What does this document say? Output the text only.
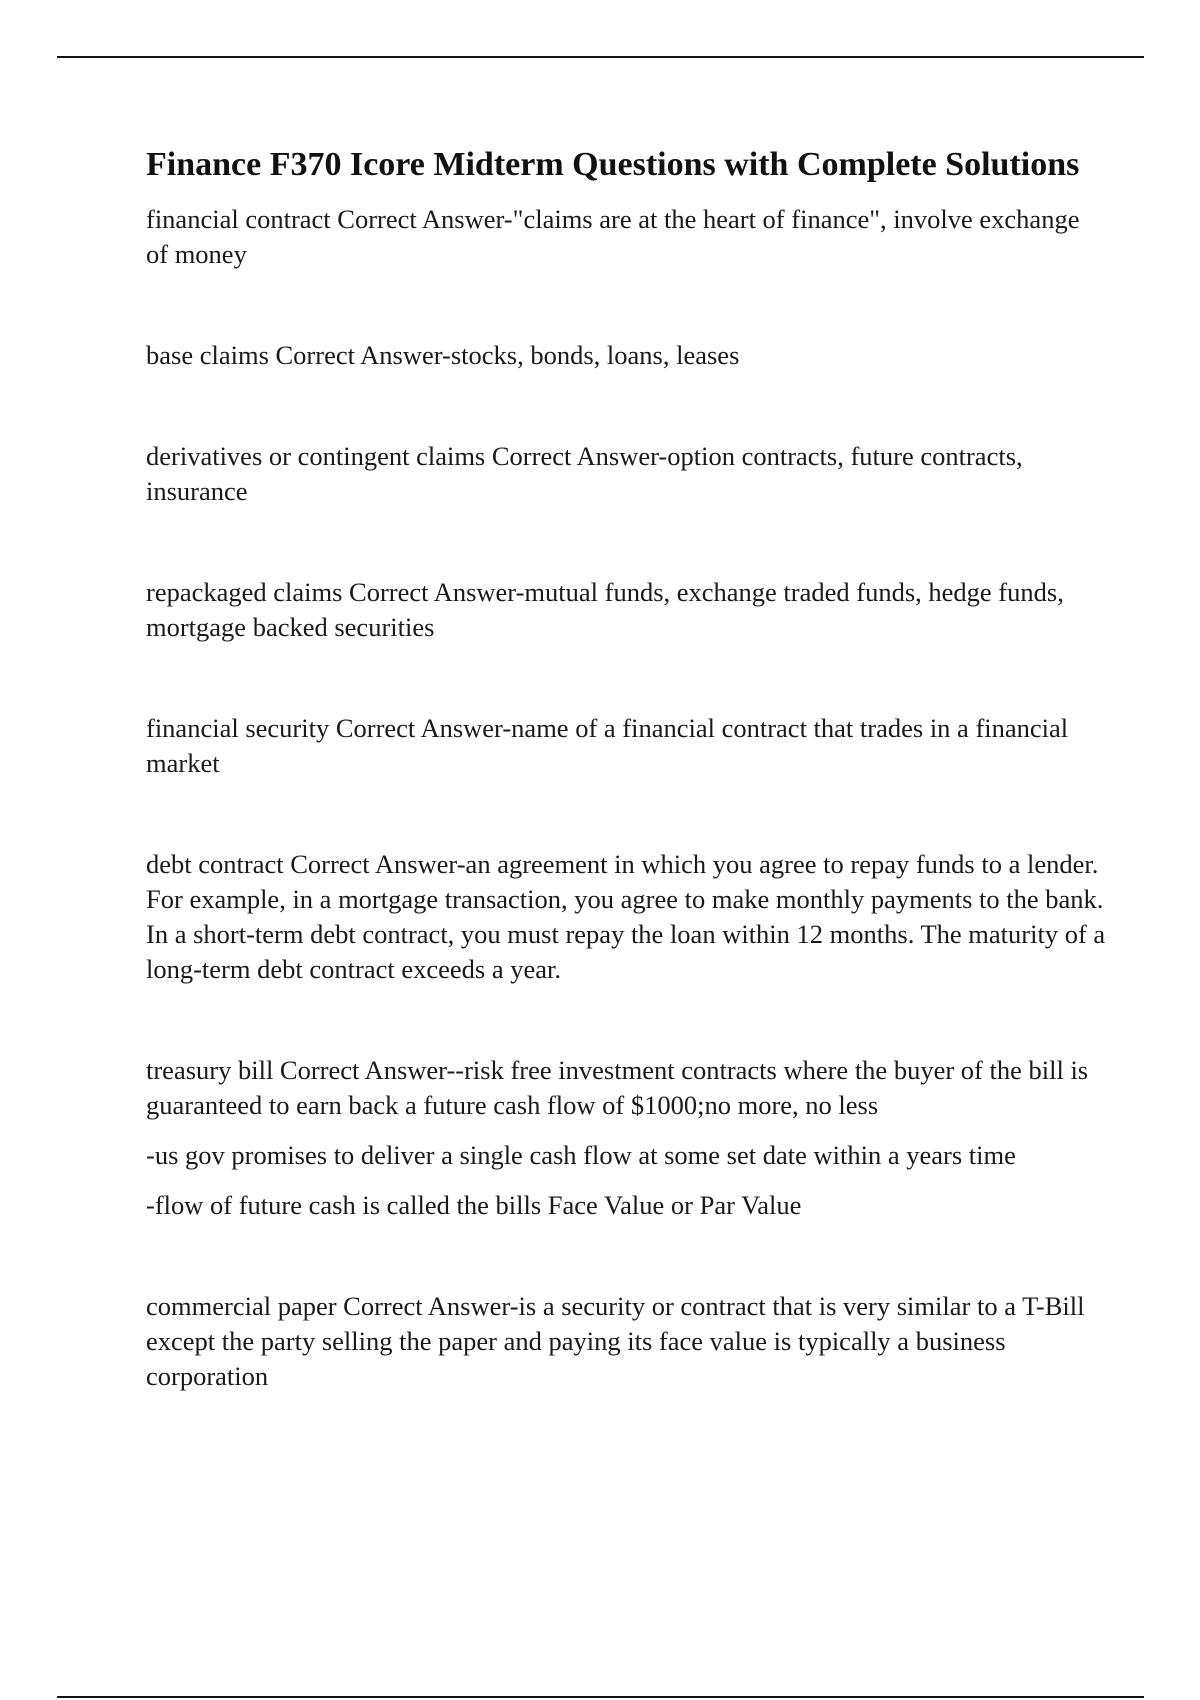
Finance F370 Icore Midterm Questions with Complete Solutions

financial contract Correct Answer-"claims are at the heart of finance", involve exchange of money

base claims Correct Answer-stocks, bonds, loans, leases

derivatives or contingent claims Correct Answer-option contracts, future contracts, insurance

repackaged claims Correct Answer-mutual funds, exchange traded funds, hedge funds, mortgage backed securities

financial security Correct Answer-name of a financial contract that trades in a financial market

debt contract Correct Answer-an agreement in which you agree to repay funds to a lender. For example, in a mortgage transaction, you agree to make monthly payments to the bank. In a short-term debt contract, you must repay the loan within 12 months. The maturity of a long-term debt contract exceeds a year.

treasury bill Correct Answer--risk free investment contracts where the buyer of the bill is guaranteed to earn back a future cash flow of $1000;no more, no less

-us gov promises to deliver a single cash flow at some set date within a years time

-flow of future cash is called the bills Face Value or Par Value

commercial paper Correct Answer-is a security or contract that is very similar to a T-Bill except the party selling the paper and paying its face value is typically a business corporation
